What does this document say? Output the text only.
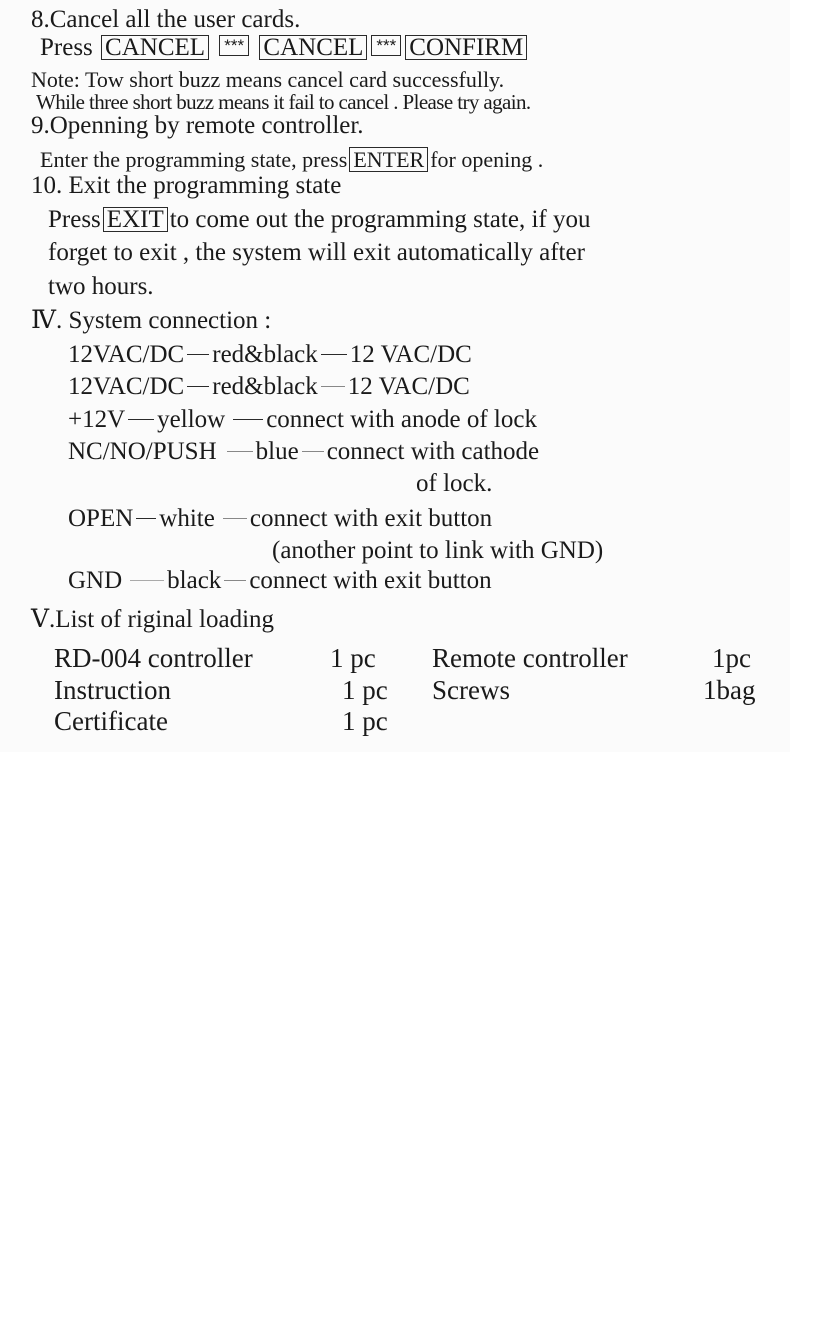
8.Cancel all the user cards.
Press CANCEL *** CANCEL *** CONFIRM
Note: Tow short buzz means cancel card successfully.
While three short buzz means it fail to cancel . Please try again.
9.Openning by remote controller.
Enter the programming state, press ENTER for opening .
10. Exit the programming state
Press EXIT to come out the programming state, if you
forget to exit , the system will exit automatically after
two hours.
Ⅳ. System connection :
12VAC/DC red&black 12 VAC/DC
12VAC/DC red&black 12 VAC/DC
+12V yellow connect with anode of lock
NC/NO/PUSH blue connect with cathode
of lock.
OPEN white connect with exit button
(another point to link with GND)
GND black connect with exit button
Ⅴ.List of riginal loading
RD-004 controller	1 pc Remote controller	1pc
Instruction	1 pc Screws	1bag
Certificate	1 pc
